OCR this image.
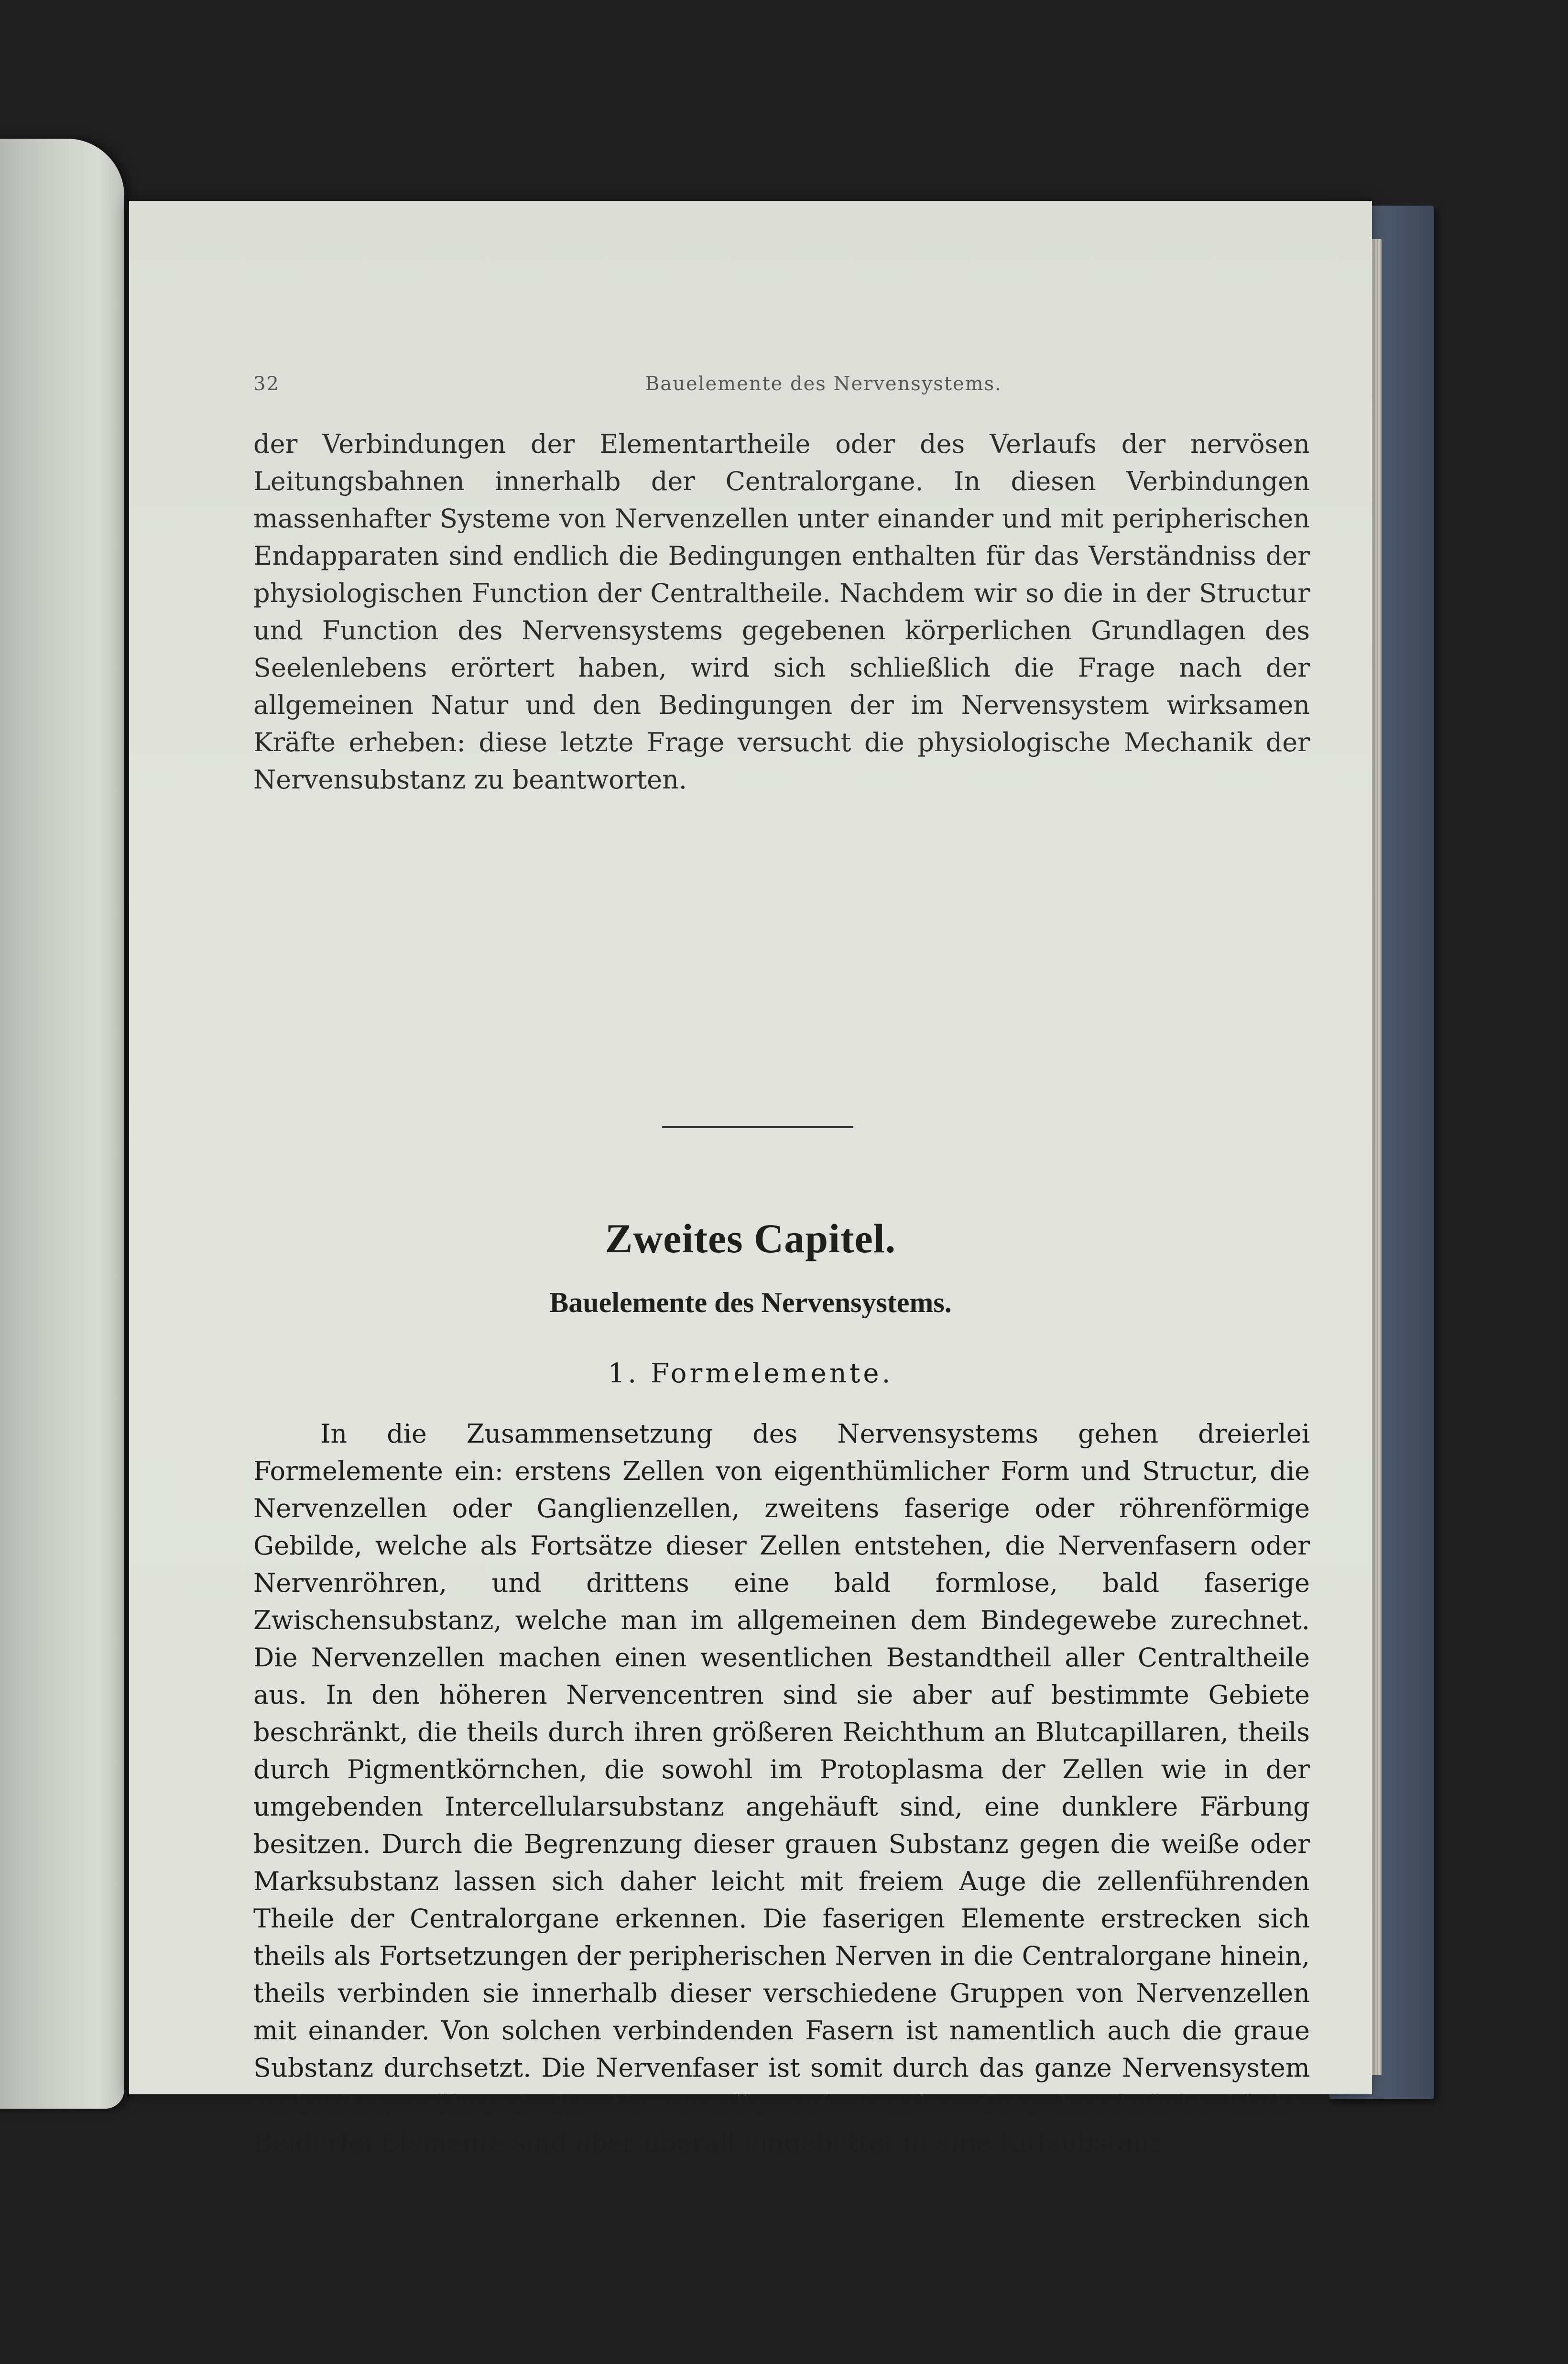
32	Bauelemente des Nervensystems.

der Verbindungen der Elementartheile oder des Verlaufs der nervösen Leitungsbahnen innerhalb der Centralorgane. In diesen Verbindungen massenhafter Systeme von Nervenzellen unter einander und mit peripherischen Endapparaten sind endlich die Bedingungen enthalten für das Verständniss der physiologischen Function der Centraltheile. Nachdem wir so die in der Structur und Function des Nervensystems gegebenen körperlichen Grundlagen des Seelenlebens erörtert haben, wird sich schließlich die Frage nach der allgemeinen Natur und den Bedingungen der im Nervensystem wirksamen Kräfte erheben: diese letzte Frage versucht die physiologische Mechanik der Nervensubstanz zu beantworten.

Zweites Capitel.
Bauelemente des Nervensystems.
1. Formelemente.

In die Zusammensetzung des Nervensystems gehen dreierlei Formelemente ein: erstens Zellen von eigenthümlicher Form und Structur, die Nervenzellen oder Ganglienzellen, zweitens faserige oder röhrenförmige Gebilde, welche als Fortsätze dieser Zellen entstehen, die Nervenfasern oder Nervenröhren, und drittens eine bald formlose, bald faserige Zwischensubstanz, welche man im allgemeinen dem Bindegewebe zurechnet. Die Nervenzellen machen einen wesentlichen Bestandtheil aller Centraltheile aus. In den höheren Nervencentren sind sie aber auf bestimmte Gebiete beschränkt, die theils durch ihren größeren Reichthum an Blutcapillaren, theils durch Pigmentkörnchen, die sowohl im Protoplasma der Zellen wie in der umgebenden Intercellularsubstanz angehäuft sind, eine dunklere Färbung besitzen. Durch die Begrenzung dieser grauen Substanz gegen die weiße oder Marksubstanz lassen sich daher leicht mit freiem Auge die zellenführenden Theile der Centralorgane erkennen. Die faserigen Elemente erstrecken sich theils als Fortsetzungen der peripherischen Nerven in die Centralorgane hinein, theils verbinden sie innerhalb dieser verschiedene Gruppen von Nervenzellen mit einander. Von solchen verbindenden Fasern ist namentlich auch die graue Substanz durchsetzt. Die Nervenfaser ist somit durch das ganze Nervensystem verbreitet, während die Nervenzelle auf einzelne Orte beschränkt bleibt. Beiderlei Elemente sind aber überall eingebettet in eine Kittsubstanz.
